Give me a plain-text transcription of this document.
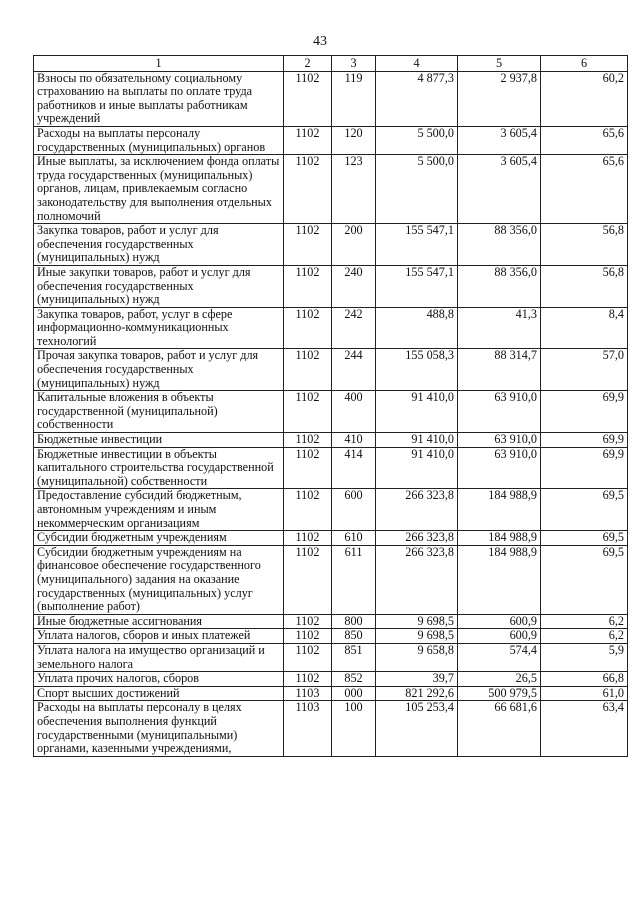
43
1	2	3	4	5	6
Взносы по обязательному социальному страхованию на выплаты по оплате труда работников и иные выплаты работникам учреждений	1102	119	4 877,3	2 937,8	60,2
Расходы на выплаты персоналу государственных (муниципальных) органов	1102	120	5 500,0	3 605,4	65,6
Иные выплаты, за исключением фонда оплаты труда государственных (муниципальных) органов, лицам, привлекаемым согласно законодательству для выполнения отдельных полномочий	1102	123	5 500,0	3 605,4	65,6
Закупка товаров, работ и услуг для обеспечения государственных (муниципальных) нужд	1102	200	155 547,1	88 356,0	56,8
Иные закупки товаров, работ и услуг для обеспечения государственных (муниципальных) нужд	1102	240	155 547,1	88 356,0	56,8
Закупка товаров, работ, услуг в сфере информационно-коммуникационных технологий	1102	242	488,8	41,3	8,4
Прочая закупка товаров, работ и услуг для обеспечения государственных (муниципальных) нужд	1102	244	155 058,3	88 314,7	57,0
Капитальные вложения в объекты государственной (муниципальной) собственности	1102	400	91 410,0	63 910,0	69,9
Бюджетные инвестиции	1102	410	91 410,0	63 910,0	69,9
Бюджетные инвестиции в объекты капитального строительства государственной (муниципальной) собственности	1102	414	91 410,0	63 910,0	69,9
Предоставление субсидий бюджетным, автономным учреждениям и иным некоммерческим организациям	1102	600	266 323,8	184 988,9	69,5
Субсидии бюджетным учреждениям	1102	610	266 323,8	184 988,9	69,5
Субсидии бюджетным учреждениям на финансовое обеспечение государственного (муниципального) задания на оказание государственных (муниципальных) услуг (выполнение работ)	1102	611	266 323,8	184 988,9	69,5
Иные бюджетные ассигнования	1102	800	9 698,5	600,9	6,2
Уплата налогов, сборов и иных платежей	1102	850	9 698,5	600,9	6,2
Уплата налога на имущество организаций и земельного налога	1102	851	9 658,8	574,4	5,9
Уплата прочих налогов, сборов	1102	852	39,7	26,5	66,8
Спорт высших достижений	1103	000	821 292,6	500 979,5	61,0
Расходы на выплаты персоналу в целях обеспечения выполнения функций государственными (муниципальными) органами, казенными учреждениями,	1103	100	105 253,4	66 681,6	63,4
